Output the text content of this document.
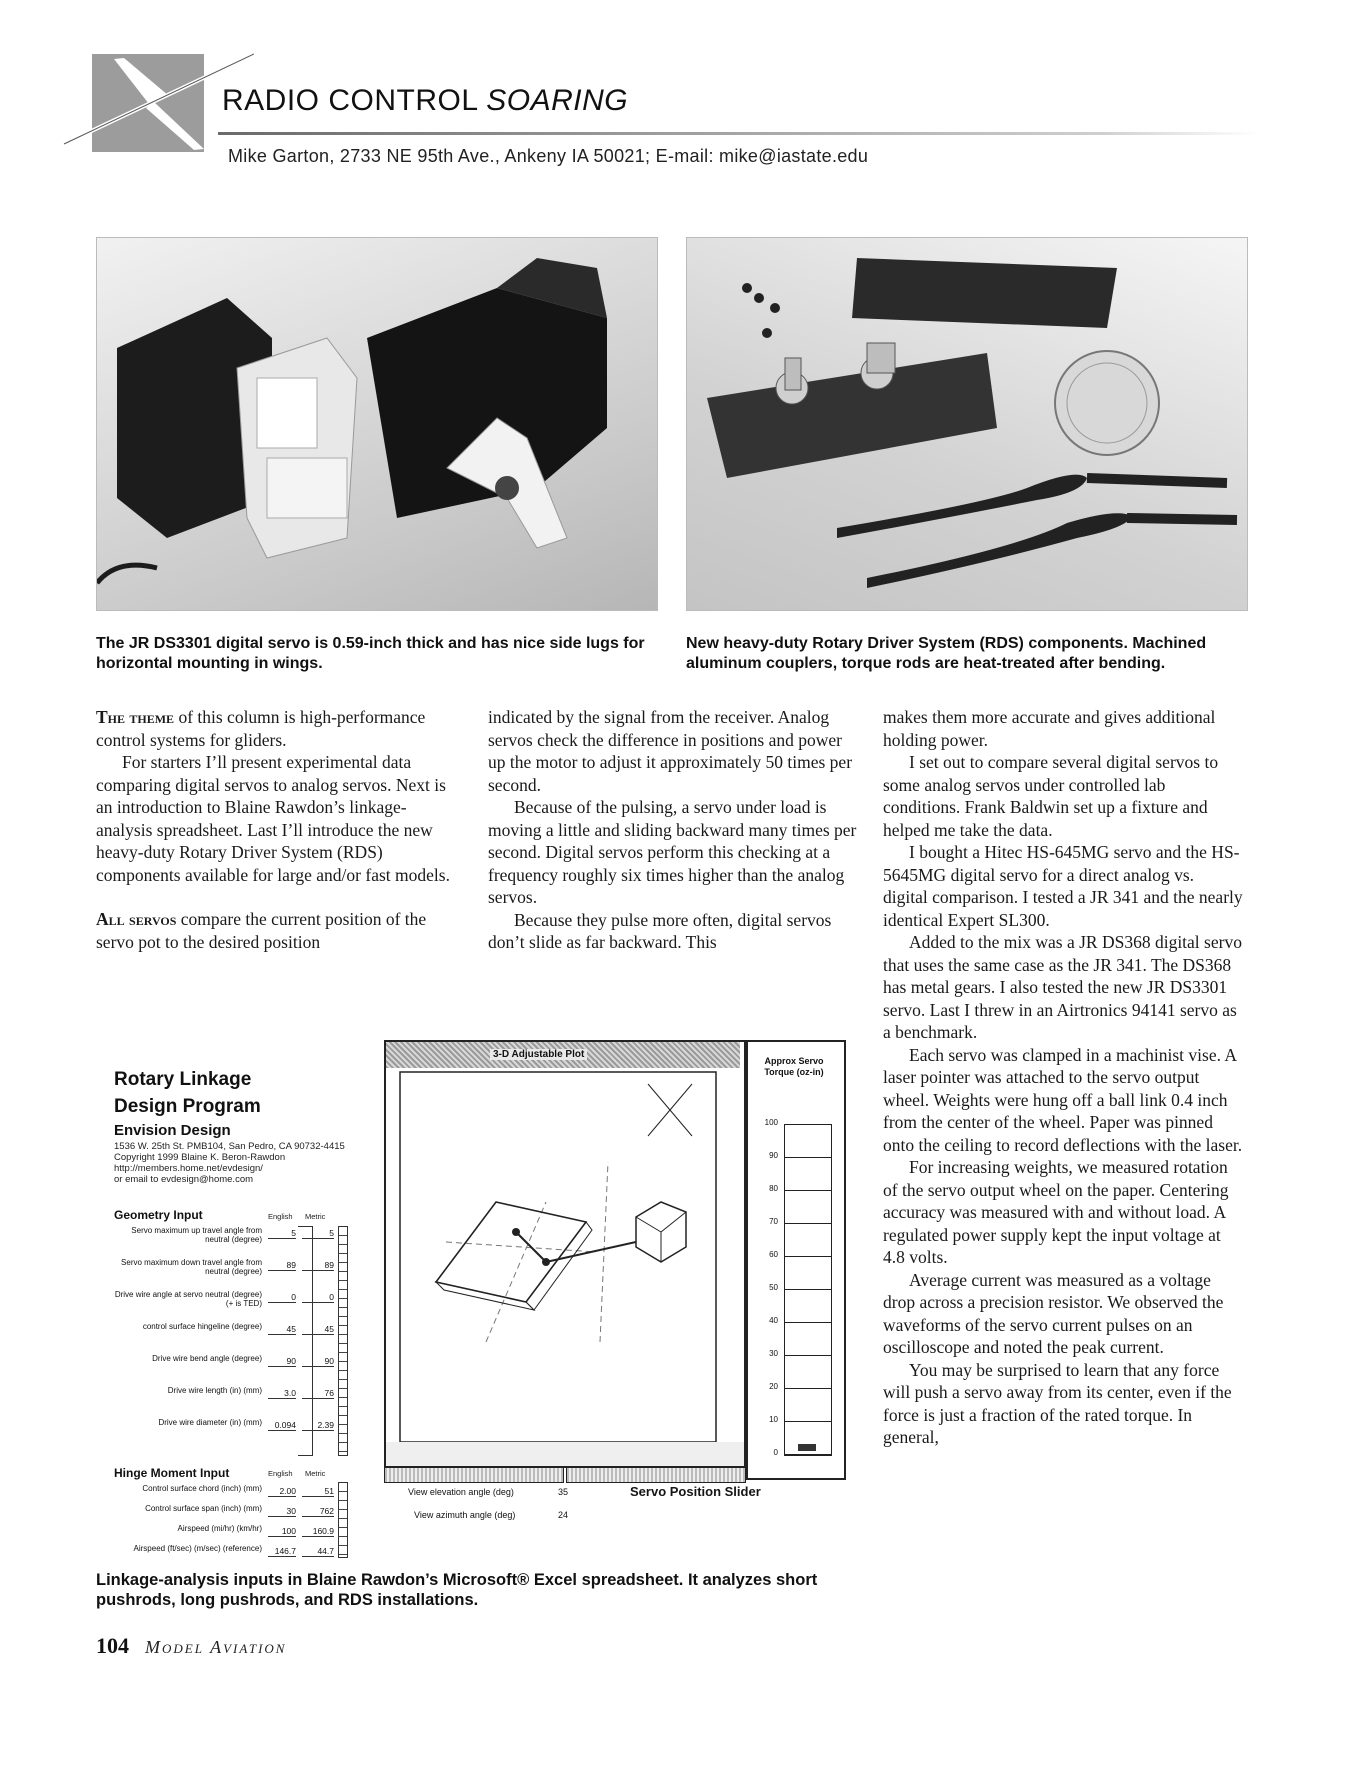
RADIO CONTROL SOARING
Mike Garton, 2733 NE 95th Ave., Ankeny IA 50021; E-mail: mike@iastate.edu
The JR DS3301 digital servo is 0.59-inch thick and has nice side lugs for horizontal mounting in wings.
New heavy-duty Rotary Driver System (RDS) components. Machined aluminum couplers, torque rods are heat-treated after bending.

The theme of this column is high-performance control systems for gliders.

For starters I’ll present experimental data comparing digital servos to analog servos. Next is an introduction to Blaine Rawdon’s linkage-analysis spreadsheet. Last I’ll introduce the new heavy-duty Rotary Driver System (RDS) components available for large and/or fast models.

All servos compare the current position of the servo pot to the desired position

indicated by the signal from the receiver. Analog servos check the difference in positions and power up the motor to adjust it approximately 50 times per second.

Because of the pulsing, a servo under load is moving a little and sliding backward many times per second. Digital servos perform this checking at a frequency roughly six times higher than the analog servos.

Because they pulse more often, digital servos don’t slide as far backward. This

makes them more accurate and gives additional holding power.

I set out to compare several digital servos to some analog servos under controlled lab conditions. Frank Baldwin set up a fixture and helped me take the data.

I bought a Hitec HS-645MG servo and the HS-5645MG digital servo for a direct analog vs. digital comparison. I tested a JR 341 and the nearly identical Expert SL300.

Added to the mix was a JR DS368 digital servo that uses the same case as the JR 341. The DS368 has metal gears. I also tested the new JR DS3301 servo. Last I threw in an Airtronics 94141 servo as a benchmark.

Each servo was clamped in a machinist vise. A laser pointer was attached to the servo output wheel. Weights were hung off a ball link 0.4 inch from the center of the wheel. Paper was pinned onto the ceiling to record deflections with the laser.

For increasing weights, we measured rotation of the servo output wheel on the paper. Centering accuracy was measured with and without load. A regulated power supply kept the input voltage at 4.8 volts.

Average current was measured as a voltage drop across a precision resistor. We observed the waveforms of the servo current pulses on an oscilloscope and noted the peak current.

You may be surprised to learn that any force will push a servo away from its center, even if the force is just a fraction of the rated torque. In general,

Rotary Linkage
Design Program
Envision Design
1536 W. 25th St. PMB104, San Pedro, CA 90732-4415
Copyright 1999 Blaine K. Beron-Rawdon
http://members.home.net/evdesign/
or email to evdesign@home.com
Geometry Input	English Metric
Servo maximum up travel angle from neutral (degree)
5	5
Servo maximum down travel angle from neutral (degree)
89	89
Drive wire angle at servo neutral (degree) (+ is TED)
0	0
control surface hingeline (degree)	45	45
Drive wire bend angle (degree)	90	90
Drive wire length (in) (mm)	3.0	76
Drive wire diameter (in) (mm)	0.094	2.39
Hinge Moment Input	English Metric
Control surface chord (inch) (mm)	2.00	51
Control surface span (inch) (mm)	30	762
Airspeed (mi/hr) (km/hr)	100	160.9
Airspeed (ft/sec) (m/sec) (reference)	146.7	44.7
3-D Adjustable Plot
View elevation angle (deg)	35	Servo Position Slider
View azimuth angle (deg)	24
Approx Servo Torque (oz-in)
100
90
80
70
60
50
40
30
20
10
0
Linkage-analysis inputs in Blaine Rawdon’s Microsoft® Excel spreadsheet. It analyzes short pushrods, long pushrods, and RDS installations.
104 Model Aviation
